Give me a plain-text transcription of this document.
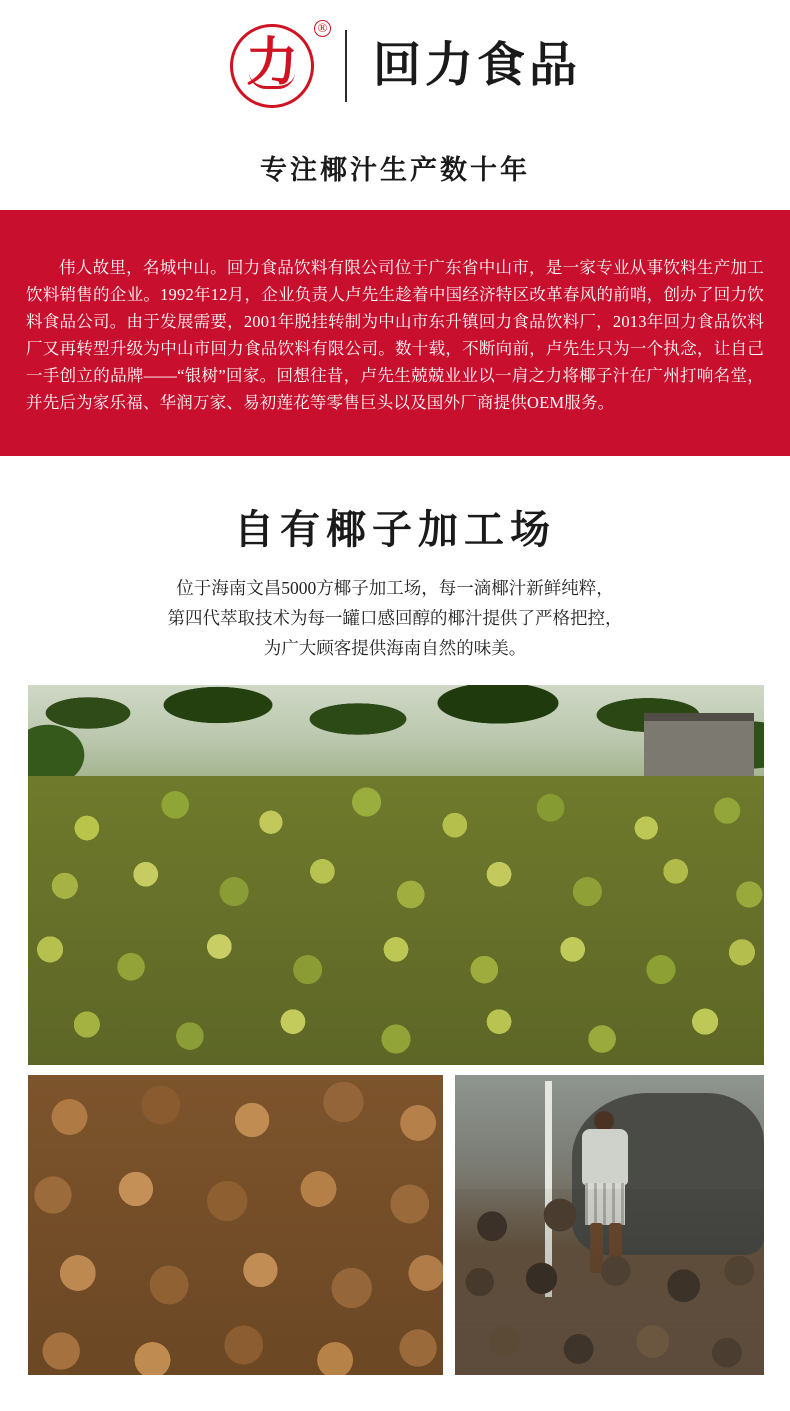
力
®
回力食品
专注椰汁生产数十年

伟人故里，名城中山。回力食品饮料有限公司位于广东省中山市，是一家专业从事饮料生产加工饮料销售的企业。1992年12月，企业负责人卢先生趁着中国经济特区改革春风的前哨，创办了回力饮料食品公司。由于发展需要，2001年脱挂转制为中山市东升镇回力食品饮料厂，2013年回力食品饮料厂又再转型升级为中山市回力食品饮料有限公司。数十载，不断向前，卢先生只为一个执念，让自己一手创立的品牌——“银树”回家。回想往昔，卢先生兢兢业业以一肩之力将椰子汁在广州打响名堂，并先后为家乐福、华润万家、易初莲花等零售巨头以及国外厂商提供OEM服务。

自有椰子加工场
位于海南文昌5000方椰子加工场，每一滴椰汁新鲜纯粹，
第四代萃取技术为每一罐口感回醇的椰汁提供了严格把控，
为广大顾客提供海南自然的味美。
